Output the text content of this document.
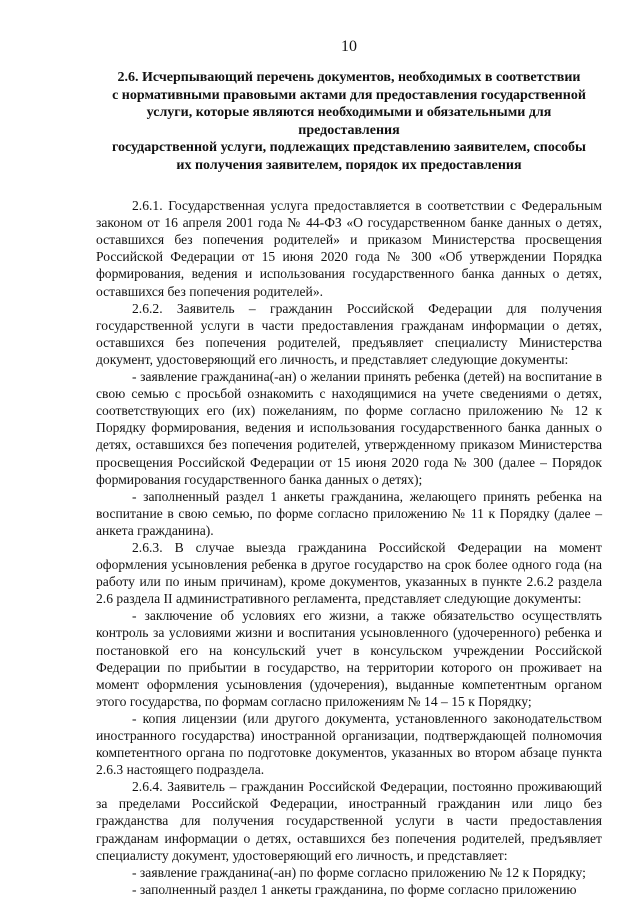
10
2.6. Исчерпывающий перечень документов, необходимых в соответствии
с нормативными правовыми актами для предоставления государственной
услуги, которые являются необходимыми и обязательными для предоставления
государственной услуги, подлежащих представлению заявителем, способы
их получения заявителем, порядок их предоставления

2.6.1. Государственная услуга предоставляется в соответствии с Федеральным законом от 16 апреля 2001 года № 44-ФЗ «О государственном банке данных о детях, оставшихся без попечения родителей» и приказом Министерства просвещения Российской Федерации от 15 июня 2020 года № 300 «Об утверждении Порядка формирования, ведения и использования государственного банка данных о детях, оставшихся без попечения родителей».

2.6.2. Заявитель – гражданин Российской Федерации для получения государственной услуги в части предоставления гражданам информации о детях, оставшихся без попечения родителей, предъявляет специалисту Министерства документ, удостоверяющий его личность, и представляет следующие документы:

- заявление гражданина(-ан) о желании принять ребенка (детей) на воспитание в свою семью с просьбой ознакомить с находящимися на учете сведениями о детях, соответствующих его (их) пожеланиям, по форме согласно приложению № 12 к Порядку формирования, ведения и использования государственного банка данных о детях, оставшихся без попечения родителей, утвержденному приказом Министерства просвещения Российской Федерации от 15 июня 2020 года № 300 (далее – Порядок формирования государственного банка данных о детях);

- заполненный раздел 1 анкеты гражданина, желающего принять ребенка на воспитание в свою семью, по форме согласно приложению № 11 к Порядку (далее – анкета гражданина).

2.6.3. В случае выезда гражданина Российской Федерации на момент оформления усыновления ребенка в другое государство на срок более одного года (на работу или по иным причинам), кроме документов, указанных в пункте 2.6.2 раздела 2.6 раздела II административного регламента, представляет следующие документы:

- заключение об условиях его жизни, а также обязательство осуществлять контроль за условиями жизни и воспитания усыновленного (удочеренного) ребенка и постановкой его на консульский учет в консульском учреждении Российской Федерации по прибытии в государство, на территории которого он проживает на момент оформления усыновления (удочерения), выданные компетентным органом этого государства, по формам согласно приложениям № 14 – 15 к Порядку;

- копия лицензии (или другого документа, установленного законодательством иностранного государства) иностранной организации, подтверждающей полномочия компетентного органа по подготовке документов, указанных во втором абзаце пункта 2.6.3 настоящего подраздела.

2.6.4. Заявитель – гражданин Российской Федерации, постоянно проживающий за пределами Российской Федерации, иностранный гражданин или лицо без гражданства для получения государственной услуги в части предоставления гражданам информации о детях, оставшихся без попечения родителей, предъявляет специалисту документ, удостоверяющий его личность, и представляет:

- заявление гражданина(-ан) по форме согласно приложению № 12 к Порядку;

- заполненный раздел 1 анкеты гражданина, по форме согласно приложению
